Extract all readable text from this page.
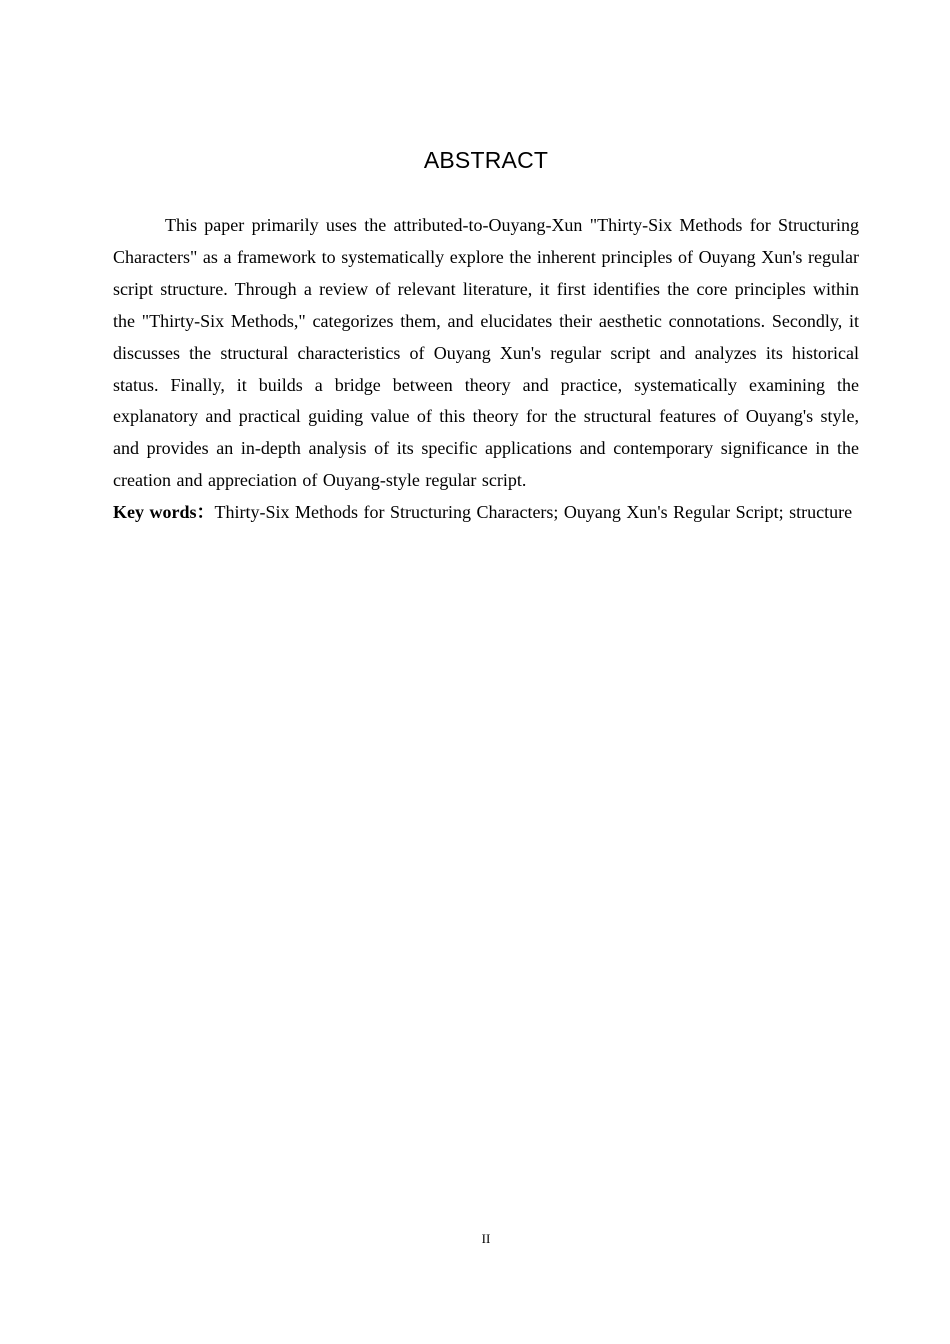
ABSTRACT

This paper primarily uses the attributed-to-Ouyang-Xun "Thirty-Six Methods for Structuring Characters" as a framework to systematically explore the inherent principles of Ouyang Xun's regular script structure. Through a review of relevant literature, it first identifies the core principles within the "Thirty-Six Methods," categorizes them, and elucidates their aesthetic connotations. Secondly, it discusses the structural characteristics of Ouyang Xun's regular script and analyzes its historical status. Finally, it builds a bridge between theory and practice, systematically examining the explanatory and practical guiding value of this theory for the structural features of Ouyang's style, and provides an in-depth analysis of its specific applications and contemporary significance in the creation and appreciation of Ouyang-style regular script.

Key words：Thirty-Six Methods for Structuring Characters; Ouyang Xun's Regular Script; structure

II
